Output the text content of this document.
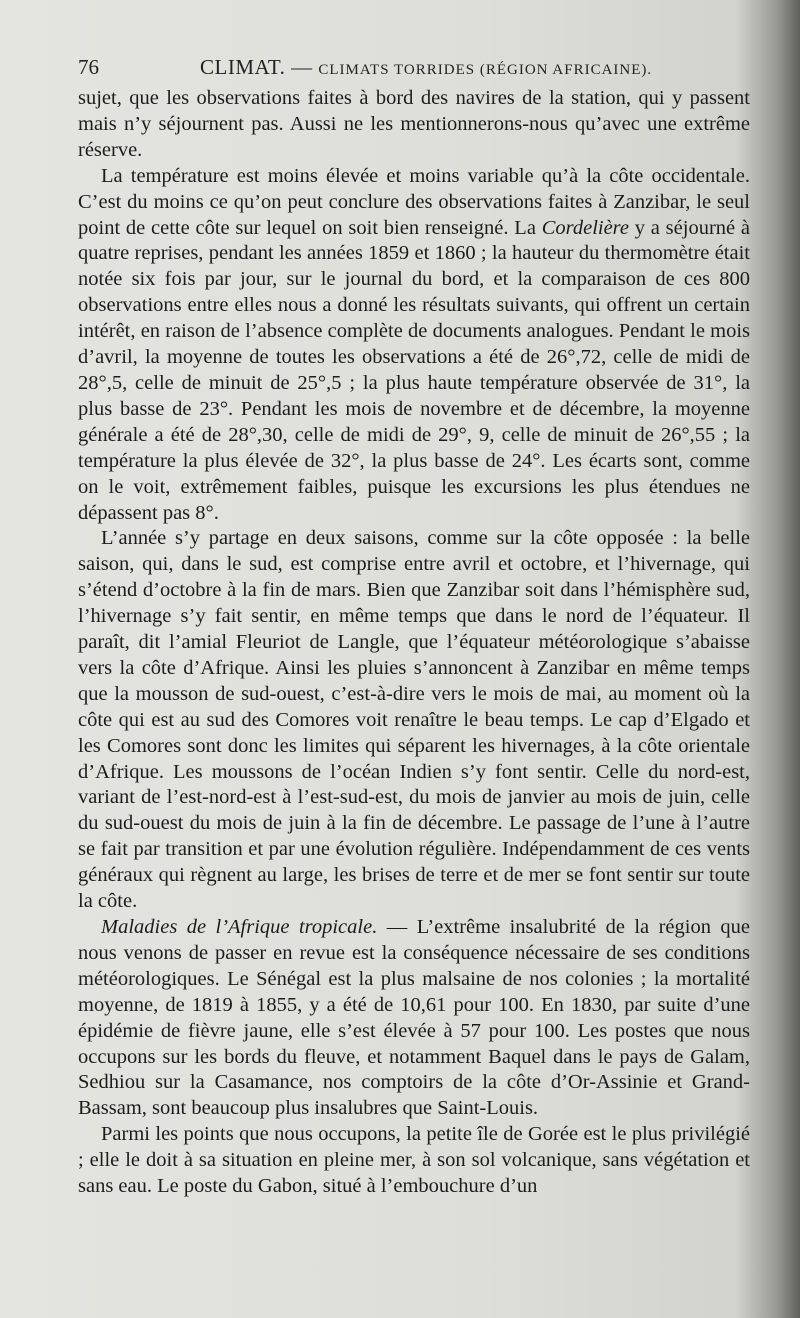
76	CLIMAT. — CLIMATS TORRIDES (RÉGION AFRICAINE).

sujet, que les observations faites à bord des navires de la station, qui y passent mais n’y séjournent pas. Aussi ne les mentionnerons-nous qu’avec une extrême réserve.

La température est moins élevée et moins variable qu’à la côte occidentale. C’est du moins ce qu’on peut conclure des observations faites à Zanzibar, le seul point de cette côte sur lequel on soit bien renseigné. La Cordelière y a séjourné à quatre reprises, pendant les années 1859 et 1860 ; la hauteur du thermomètre était notée six fois par jour, sur le journal du bord, et la comparaison de ces 800 observations entre elles nous a donné les résultats suivants, qui offrent un certain intérêt, en raison de l’absence complète de documents analogues. Pendant le mois d’avril, la moyenne de toutes les observations a été de 26°,72, celle de midi de 28°,5, celle de minuit de 25°,5 ; la plus haute température observée de 31°, la plus basse de 23°. Pendant les mois de novembre et de décembre, la moyenne générale a été de 28°,30, celle de midi de 29°, 9, celle de minuit de 26°,55 ; la température la plus élevée de 32°, la plus basse de 24°. Les écarts sont, comme on le voit, extrêmement faibles, puisque les excursions les plus étendues ne dépassent pas 8°.

L’année s’y partage en deux saisons, comme sur la côte opposée : la belle saison, qui, dans le sud, est comprise entre avril et octobre, et l’hivernage, qui s’étend d’octobre à la fin de mars. Bien que Zanzibar soit dans l’hémisphère sud, l’hivernage s’y fait sentir, en même temps que dans le nord de l’équateur. Il paraît, dit l’amial Fleuriot de Langle, que l’équateur météorologique s’abaisse vers la côte d’Afrique. Ainsi les pluies s’annoncent à Zanzibar en même temps que la mousson de sud-ouest, c’est-à-dire vers le mois de mai, au moment où la côte qui est au sud des Comores voit renaître le beau temps. Le cap d’Elgado et les Comores sont donc les limites qui séparent les hivernages, à la côte orientale d’Afrique. Les moussons de l’océan Indien s’y font sentir. Celle du nord-est, variant de l’est-nord-est à l’est-sud-est, du mois de janvier au mois de juin, celle du sud-ouest du mois de juin à la fin de décembre. Le passage de l’une à l’autre se fait par transition et par une évolution régulière. Indépendamment de ces vents généraux qui règnent au large, les brises de terre et de mer se font sentir sur toute la côte.

Maladies de l’Afrique tropicale. — L’extrême insalubrité de la région que nous venons de passer en revue est la conséquence nécessaire de ses conditions météorologiques. Le Sénégal est la plus malsaine de nos colonies ; la mortalité moyenne, de 1819 à 1855, y a été de 10,61 pour 100. En 1830, par suite d’une épidémie de fièvre jaune, elle s’est élevée à 57 pour 100. Les postes que nous occupons sur les bords du fleuve, et notamment Baquel dans le pays de Galam, Sedhiou sur la Casamance, nos comptoirs de la côte d’Or-Assinie et Grand-Bassam, sont beaucoup plus insalubres que Saint-Louis.

Parmi les points que nous occupons, la petite île de Gorée est le plus privilégié ; elle le doit à sa situation en pleine mer, à son sol volcanique, sans végétation et sans eau. Le poste du Gabon, situé à l’embouchure d’un
